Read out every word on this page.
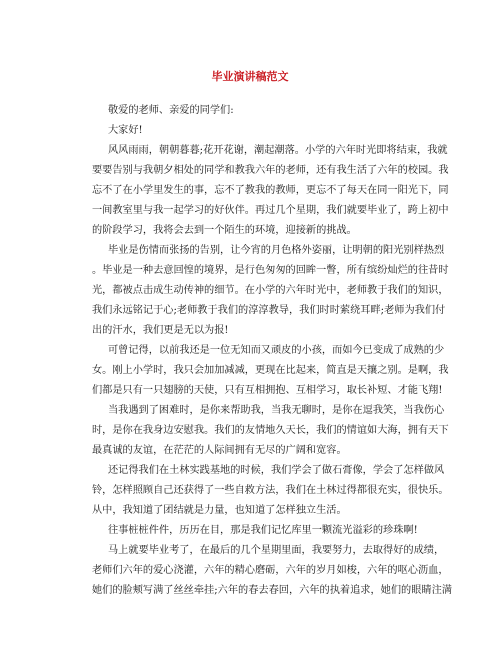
毕业演讲稿范文
敬爱的老师、亲爱的同学们:
大家好!
风风雨雨，朝朝暮暮;花开花谢，潮起潮落。小学的六年时光即将结束，我就
要要告别与我朝夕相处的同学和教我六年的老师，还有我生活了六年的校园。我
忘不了在小学里发生的事，忘不了教我的教师，更忘不了每天在同一阳光下，同
一间教室里与我一起学习的好伙伴。再过几个星期，我们就要毕业了，跨上初中
的阶段学习，我将会去到一个陌生的环境，迎接新的挑战。
毕业是伤情而张扬的告别，让今宵的月色格外姿丽，让明朝的阳光别样热烈
。毕业是一种去意回惶的境界，是行色匆匆的回眸一瞥，所有缤纷灿烂的往昔时
光，都被点击成生动传神的细节。在小学的六年时光中，老师教于我们的知识，
我们永远铭记于心;老师教于我们的淳淳教导，我们时时萦绕耳畔;老师为我们付
出的汗水，我们更是无以为报!
可曾记得，以前我还是一位无知而又顽皮的小孩，而如今已变成了成熟的少
女。刚上小学时，我只会加加减减，更现在比起来，简直是天攘之别。是啊，我
们都是只有一只翅膀的天使，只有互相拥抱、互相学习，取长补短、才能飞翔!
当我遇到了困难时，是你来帮助我，当我无聊时，是你在逗我笑，当我伤心
时，是你在我身边安慰我。我们的友情地久天长，我们的情谊如大海，拥有天下
最真诚的友谊，在茫茫的人际间拥有无尽的广阔和宽容。
还记得我们在土林实践基地的时候，我们学会了做石膏像，学会了怎样做风
铃，怎样照顾自己还获得了一些自救方法，我们在土林过得都很充实，很快乐。
从中，我知道了团结就是力量，也知道了怎样独立生活。
往事桩桩件件，历历在目，那是我们记忆库里一颗流光溢彩的珍珠啊!
马上就要毕业考了，在最后的几个星期里面，我要努力，去取得好的成绩，
老师们六年的爱心浇灌，六年的精心磨砺，六年的岁月如梭，六年的呕心沥血，
她们的脸颊写满了丝丝牵挂;六年的春去春回，六年的执着追求，她们的眼睛注满
